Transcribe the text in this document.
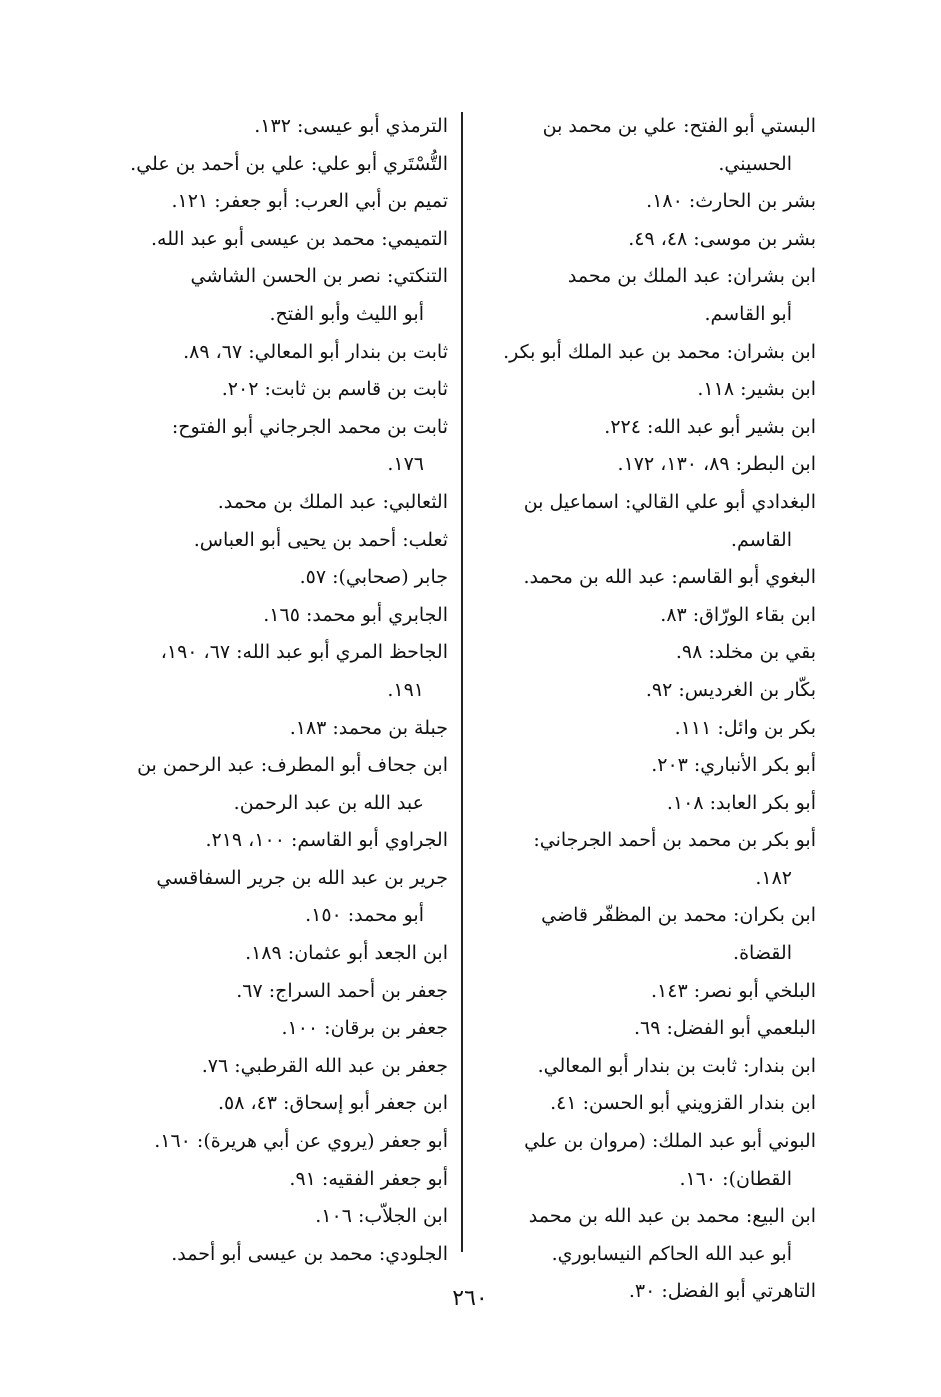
البستي أبو الفتح: علي بن محمد بن
الحسيني.
بشر بن الحارث: ١٨٠.
بشر بن موسى: ٤٨، ٤٩.
ابن بشران: عبد الملك بن محمد
أبو القاسم.
ابن بشران: محمد بن عبد الملك أبو بكر.
ابن بشير: ١١٨.
ابن بشير أبو عبد الله: ٢٢٤.
ابن البطر: ٨٩، ١٣٠، ١٧٢.
البغدادي أبو علي القالي: اسماعيل بن
القاسم.
البغوي أبو القاسم: عبد الله بن محمد.
ابن بقاء الورّاق: ٨٣.
بقي بن مخلد: ٩٨.
بكّار بن الغرديس: ٩٢.
بكر بن وائل: ١١١.
أبو بكر الأنباري: ٢٠٣.
أبو بكر العابد: ١٠٨.
أبو بكر بن محمد بن أحمد الجرجاني:
١٨٢.
ابن بكران: محمد بن المظفّر قاضي
القضاة.
البلخي أبو نصر: ١٤٣.
البلعمي أبو الفضل: ٦٩.
ابن بندار: ثابت بن بندار أبو المعالي.
ابن بندار القزويني أبو الحسن: ٤١.
البوني أبو عبد الملك: (مروان بن علي
القطان): ١٦٠.
ابن البيع: محمد بن عبد الله بن محمد
أبو عبد الله الحاكم النيسابوري.
التاهرتي أبو الفضل: ٣٠.
الترمذي أبو عيسى: ١٣٢.
التُّسْتَري أبو علي: علي بن أحمد بن علي.
تميم بن أبي العرب: أبو جعفر: ١٢١.
التميمي: محمد بن عيسى أبو عبد الله.
التنكتي: نصر بن الحسن الشاشي
أبو الليث وأبو الفتح.
ثابت بن بندار أبو المعالي: ٦٧، ٨٩.
ثابت بن قاسم بن ثابت: ٢٠٢.
ثابت بن محمد الجرجاني أبو الفتوح:
١٧٦.
الثعالبي: عبد الملك بن محمد.
ثعلب: أحمد بن يحيى أبو العباس.
جابر (صحابي): ٥٧.
الجابري أبو محمد: ١٦٥.
الجاحظ المري أبو عبد الله: ٦٧، ١٩٠،
١٩١.
جبلة بن محمد: ١٨٣.
ابن جحاف أبو المطرف: عبد الرحمن بن
عبد الله بن عبد الرحمن.
الجراوي أبو القاسم: ١٠٠، ٢١٩.
جرير بن عبد الله بن جرير السفاقسي
أبو محمد: ١٥٠.
ابن الجعد أبو عثمان: ١٨٩.
جعفر بن أحمد السراج: ٦٧.
جعفر بن برقان: ١٠٠.
جعفر بن عبد الله القرطبي: ٧٦.
ابن جعفر أبو إسحاق: ٤٣، ٥٨.
أبو جعفر (يروي عن أبي هريرة): ١٦٠.
أبو جعفر الفقيه: ٩١.
ابن الجلاّب: ١٠٦.
الجلودي: محمد بن عيسى أبو أحمد.
٢٦٠
